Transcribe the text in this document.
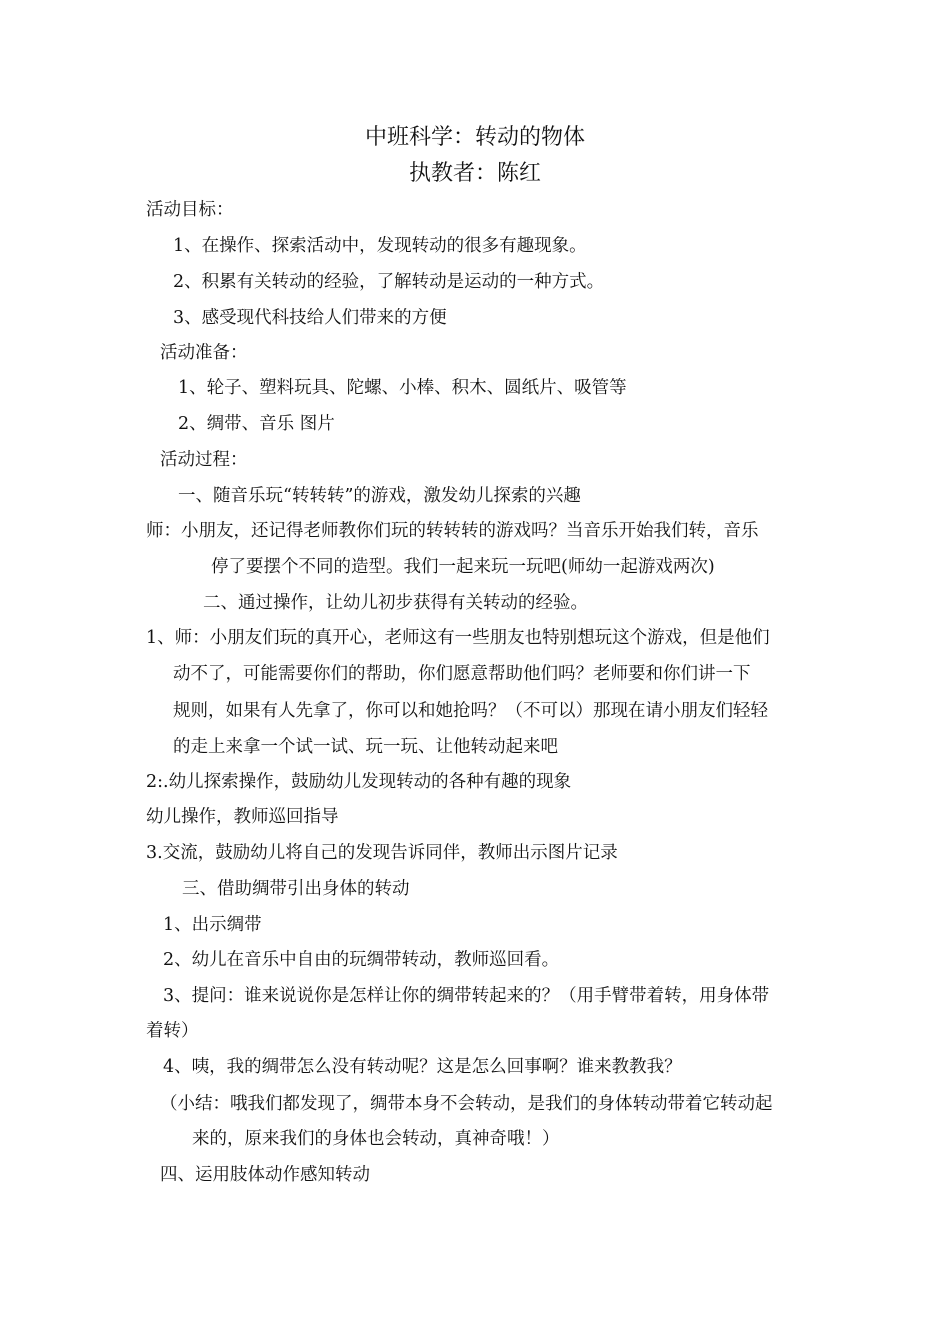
中班科学：转动的物体
执教者：陈红
活动目标：
1、在操作、探索活动中，发现转动的很多有趣现象。
2、积累有关转动的经验，了解转动是运动的一种方式。
3、感受现代科技给人们带来的方便
活动准备：
1、轮子、塑料玩具、陀螺、小棒、积木、圆纸片、吸管等
2、绸带、音乐 图片
活动过程：
一、随音乐玩“转转转”的游戏，激发幼儿探索的兴趣
师：小朋友，还记得老师教你们玩的转转转的游戏吗？当音乐开始我们转，音乐
停了要摆个不同的造型。我们一起来玩一玩吧(师幼一起游戏两次)
二、通过操作，让幼儿初步获得有关转动的经验。
1、师：小朋友们玩的真开心，老师这有一些朋友也特别想玩这个游戏，但是他们
动不了，可能需要你们的帮助，你们愿意帮助他们吗？老师要和你们讲一下
规则，如果有人先拿了，你可以和她抢吗？（不可以）那现在请小朋友们轻轻
的走上来拿一个试一试、玩一玩、让他转动起来吧
2:.幼儿探索操作，鼓励幼儿发现转动的各种有趣的现象
幼儿操作，教师巡回指导
3.交流，鼓励幼儿将自己的发现告诉同伴，教师出示图片记录
三、借助绸带引出身体的转动
1、出示绸带
2、幼儿在音乐中自由的玩绸带转动，教师巡回看。
3、提问：谁来说说你是怎样让你的绸带转起来的？（用手臂带着转，用身体带
着转）
4、咦，我的绸带怎么没有转动呢？这是怎么回事啊？谁来教教我？
（小结：哦我们都发现了，绸带本身不会转动，是我们的身体转动带着它转动起
来的，原来我们的身体也会转动，真神奇哦！）
四、运用肢体动作感知转动
